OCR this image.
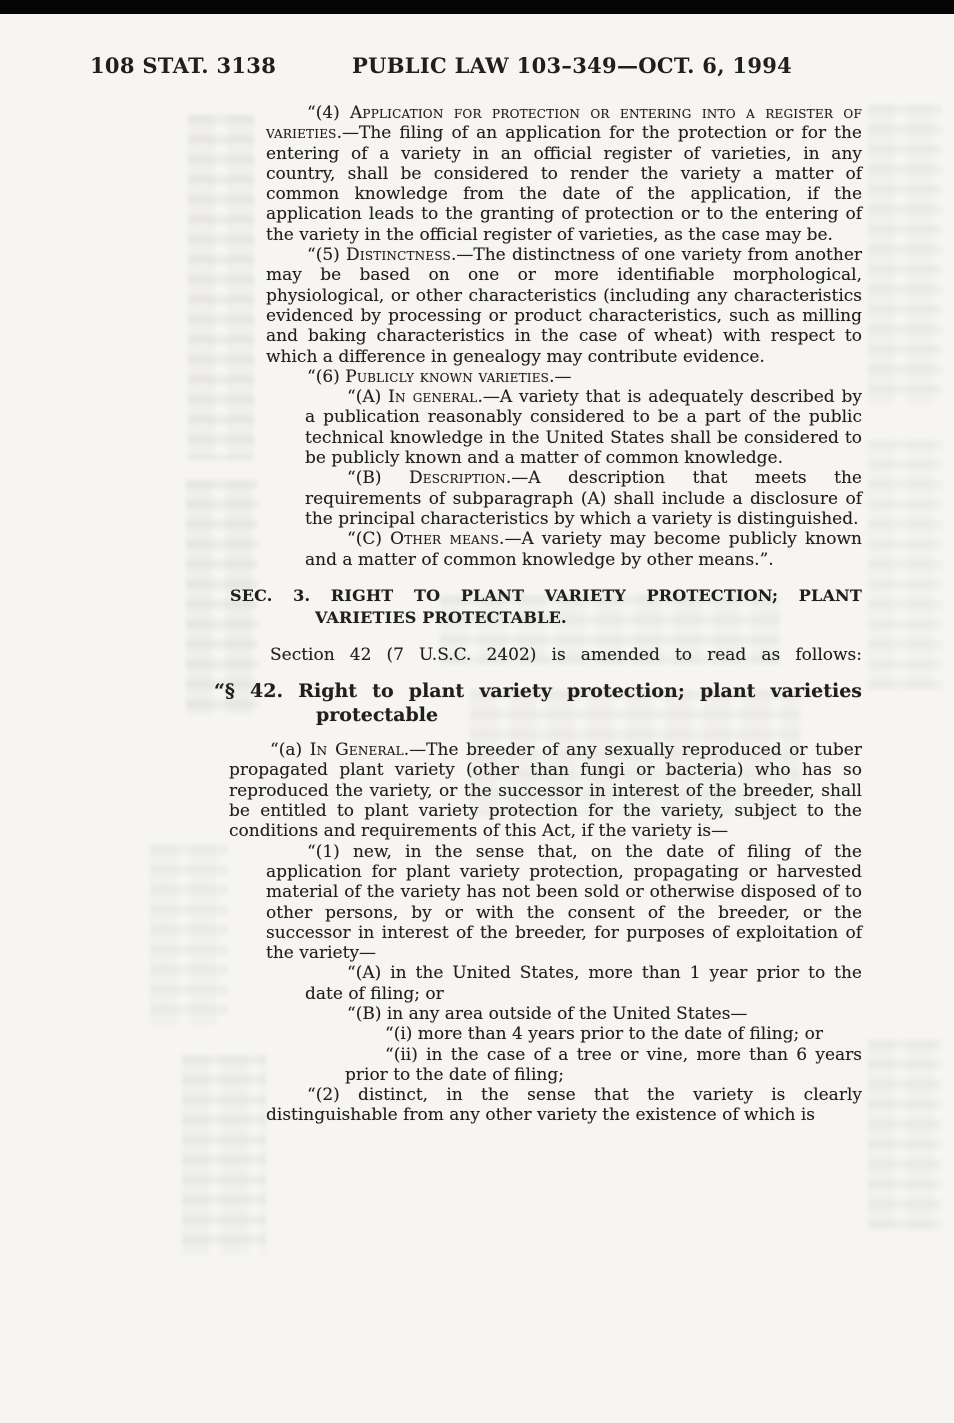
108 STAT. 3138	PUBLIC LAW 103–349—OCT. 6, 1994

“(4) Application for protection or entering into a register of varieties.—The filing of an application for the protection or for the entering of a variety in an official register of varieties, in any country, shall be considered to render the variety a matter of common knowledge from the date of the application, if the application leads to the granting of protection or to the entering of the variety in the official register of varieties, as the case may be.

“(5) Distinctness.—The distinctness of one variety from another may be based on one or more identifiable morphological, physiological, or other characteristics (including any characteristics evidenced by processing or product characteristics, such as milling and baking characteristics in the case of wheat) with respect to which a difference in genealogy may contribute evidence.

“(6) Publicly known varieties.—

“(A) In general.—A variety that is adequately described by a publication reasonably considered to be a part of the public technical knowledge in the United States shall be considered to be publicly known and a matter of common knowledge.

“(B) Description.—A description that meets the requirements of subparagraph (A) shall include a disclosure of the principal characteristics by which a variety is distinguished.

“(C) Other means.—A variety may become publicly known and a matter of common knowledge by other means.”.

SEC. 3. RIGHT TO PLANT VARIETY PROTECTION; PLANT VARIETIES PROTECTABLE.

Section 42 (7 U.S.C. 2402) is amended to read as follows:

“§ 42. Right to plant variety protection; plant varieties protectable

“(a) In General.—The breeder of any sexually reproduced or tuber propagated plant variety (other than fungi or bacteria) who has so reproduced the variety, or the successor in interest of the breeder, shall be entitled to plant variety protection for the variety, subject to the conditions and requirements of this Act, if the variety is—

“(1) new, in the sense that, on the date of filing of the application for plant variety protection, propagating or harvested material of the variety has not been sold or otherwise disposed of to other persons, by or with the consent of the breeder, or the successor in interest of the breeder, for purposes of exploitation of the variety—

“(A) in the United States, more than 1 year prior to the date of filing; or

“(B) in any area outside of the United States—

“(i) more than 4 years prior to the date of filing; or

“(ii) in the case of a tree or vine, more than 6 years prior to the date of filing;

“(2) distinct, in the sense that the variety is clearly distinguishable from any other variety the existence of which is
